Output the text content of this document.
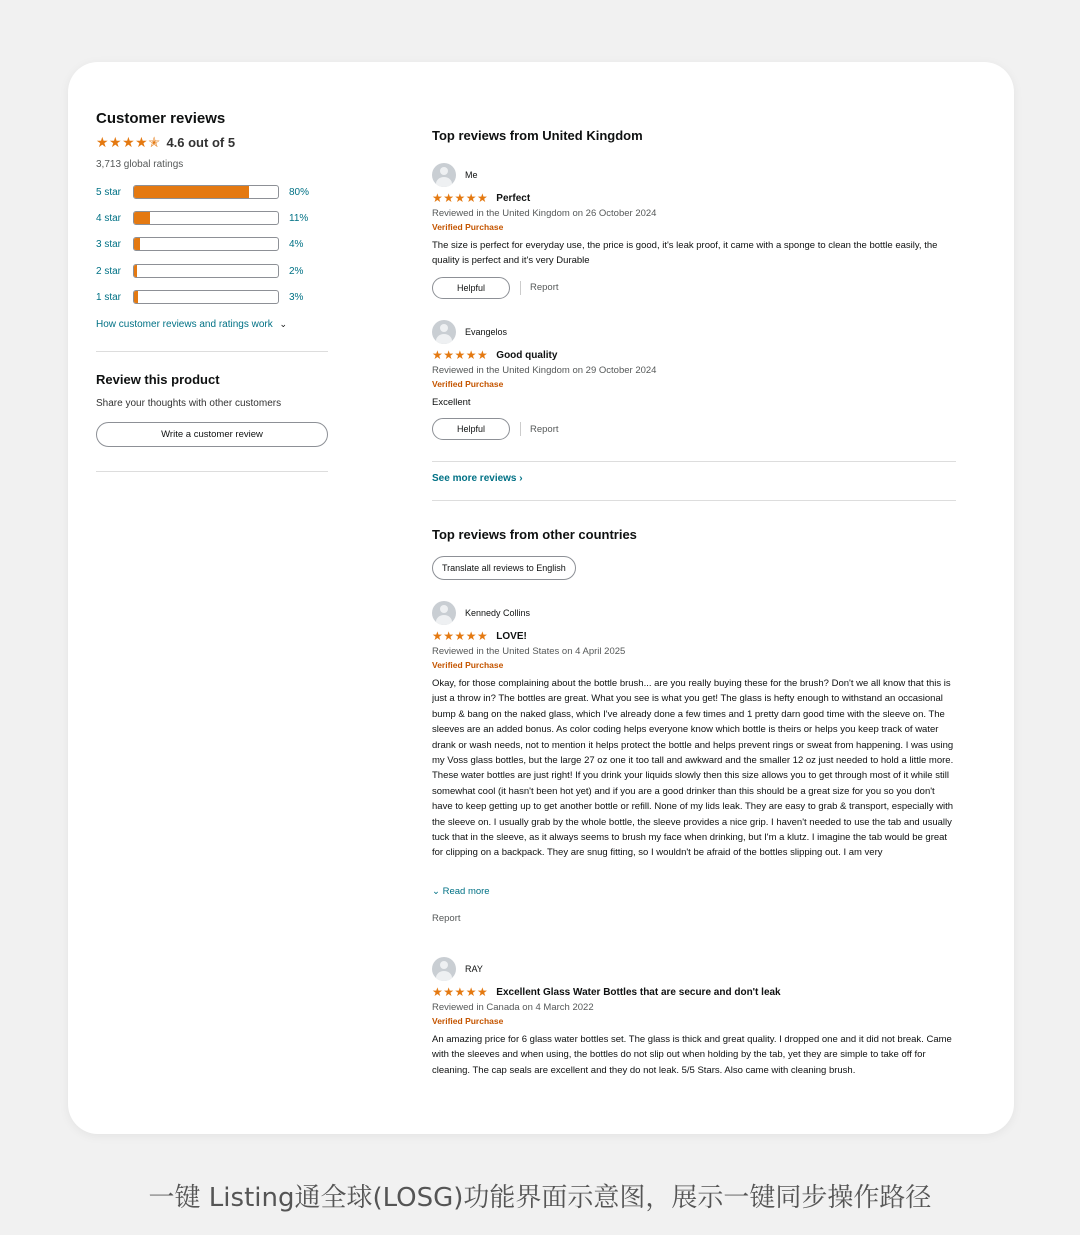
Customer reviews
★★★★✭ 4.6 out of 5
3,713 global ratings
5 star	80%
4 star	11%
3 star	4%
2 star	2%
1 star	3%
How customer reviews and ratings work ⌄
Review this product
Share your thoughts with other customers
Write a customer review
Top reviews from United Kingdom
Me
★★★★★ Perfect
Reviewed in the United Kingdom on 26 October 2024
Verified Purchase
The size is perfect for everyday use, the price is good, it's leak proof, it came with a sponge to clean the bottle easily, the quality is perfect and it's very Durable
Helpful	Report
Evangelos
★★★★★ Good quality
Reviewed in the United Kingdom on 29 October 2024
Verified Purchase
Excellent
Helpful	Report
See more reviews ›
Top reviews from other countries
Translate all reviews to English
Kennedy Collins
★★★★★ LOVE!
Reviewed in the United States on 4 April 2025
Verified Purchase
Okay, for those complaining about the bottle brush... are you really buying these for the brush? Don't we all know that this is just a throw in? The bottles are great. What you see is what you get! The glass is hefty enough to withstand an occasional bump & bang on the naked glass, which I've already done a few times and 1 pretty darn good time with the sleeve on. The sleeves are an added bonus. As color coding helps everyone know which bottle is theirs or helps you keep track of water drank or wash needs, not to mention it helps protect the bottle and helps prevent rings or sweat from happening. I was using my Voss glass bottles, but the large 27 oz one it too tall and awkward and the smaller 12 oz just needed to hold a little more. These water bottles are just right! If you drink your liquids slowly then this size allows you to get through most of it while still somewhat cool (it hasn't been hot yet) and if you are a good drinker than this should be a great size for you so you don't have to keep getting up to get another bottle or refill. None of my lids leak. They are easy to grab & transport, especially with the sleeve on. I usually grab by the whole bottle, the sleeve provides a nice grip. I haven't needed to use the tab and usually tuck that in the sleeve, as it always seems to brush my face when drinking, but I'm a klutz. I imagine the tab would be great for clipping on a backpack. They are snug fitting, so I wouldn't be afraid of the bottles slipping out. I am very
⌄ Read more
Report
RAY
★★★★★ Excellent Glass Water Bottles that are secure and don't leak
Reviewed in Canada on 4 March 2022
Verified Purchase
An amazing price for 6 glass water bottles set. The glass is thick and great quality. I dropped one and it did not break. Came with the sleeves and when using, the bottles do not slip out when holding by the tab, yet they are simple to take off for cleaning. The cap seals are excellent and they do not leak. 5/5 Stars. Also came with cleaning brush.
一键 Listing通全球(LOSG)功能界面示意图，展示一键同步操作路径
